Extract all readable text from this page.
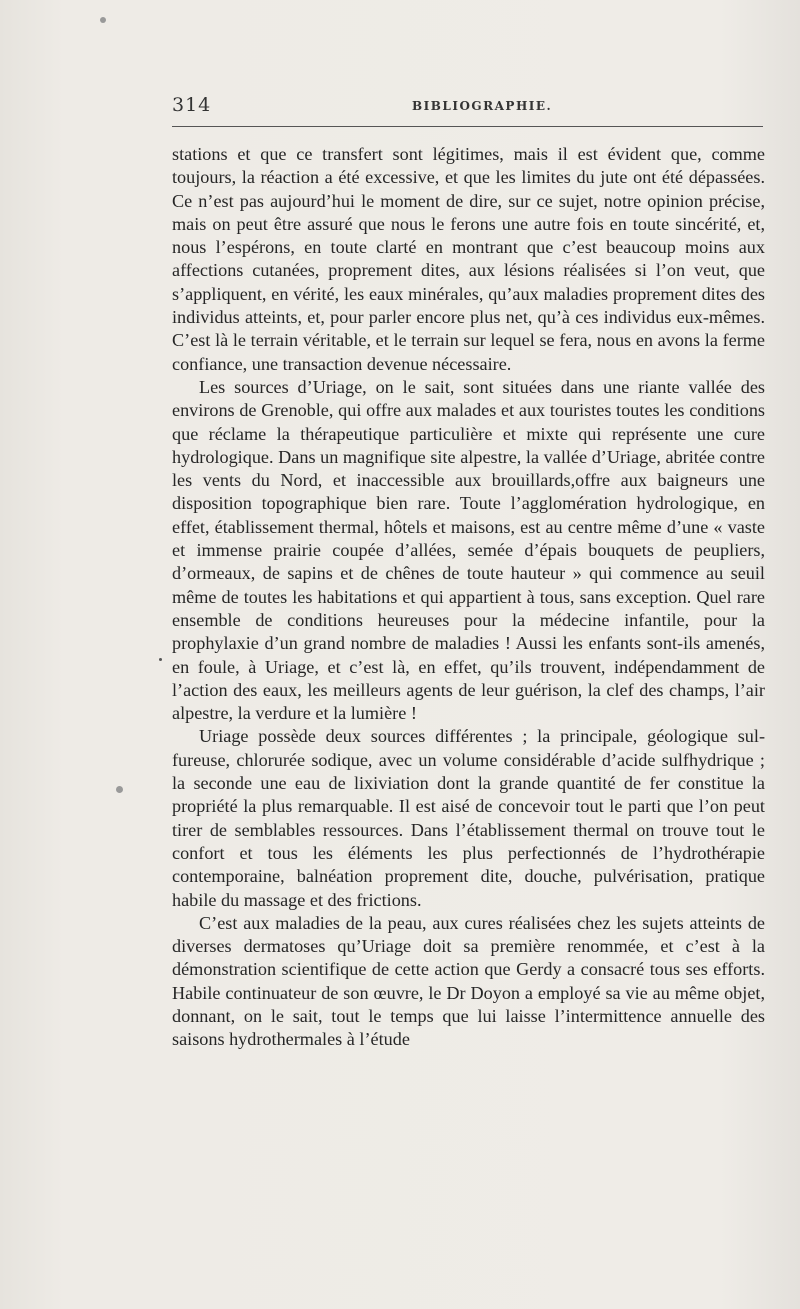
314	BIBLIOGRAPHIE.

stations et que ce transfert sont légitimes, mais il est évident que, comme toujours, la réaction a été excessive, et que les limites du jute ont été dépassées. Ce n’est pas aujourd’hui le moment de dire, sur ce sujet, notre opinion précise, mais on peut être assuré que nous le ferons une autre fois en toute sincérité, et, nous l’espérons, en toute clarté en montrant que c’est beaucoup moins aux affections cutanées, proprement dites, aux lésions réalisées si l’on veut, que s’appliquent, en vérité, les eaux minérales, qu’aux maladies proprement dites des individus atteints, et, pour parler encore plus net, qu’à ces individus eux-mêmes. C’est là le terrain véritable, et le terrain sur lequel se fera, nous en avons la ferme confiance, une transaction devenue nécessaire.

Les sources d’Uriage, on le sait, sont situées dans une riante vallée des environs de Grenoble, qui offre aux malades et aux touristes toutes les conditions que réclame la thérapeutique particulière et mixte qui représente une cure hydrologique. Dans un magnifique site alpestre, la vallée d’Uriage, abritée contre les vents du Nord, et inaccessible aux brouillards,offre aux baigneurs une disposition topographique bien rare. Toute l’agglomération hydrologique, en effet, établissement thermal, hôtels et maisons, est au centre même d’une « vaste et immense prairie coupée d’allées, semée d’épais bouquets de peupliers, d’ormeaux, de sapins et de chênes de toute hauteur » qui commence au seuil même de toutes les habitations et qui appartient à tous, sans exception. Quel rare ensemble de conditions heureuses pour la médecine infantile, pour la prophylaxie d’un grand nombre de maladies ! Aussi les enfants sont-ils amenés, en foule, à Uriage, et c’est là, en effet, qu’ils trouvent, indépendamment de l’action des eaux, les meilleurs agents de leur guérison, la clef des champs, l’air alpestre, la verdure et la lumière !

Uriage possède deux sources différentes ; la principale, géologique sulfureuse, chlorurée sodique, avec un volume considérable d’acide sulfhydrique ; la seconde une eau de lixiviation dont la grande quantité de fer constitue la propriété la plus remarquable. Il est aisé de concevoir tout le parti que l’on peut tirer de semblables ressources. Dans l’établissement thermal on trouve tout le confort et tous les éléments les plus perfectionnés de l’hydrothérapie contemporaine, balnéation proprement dite, douche, pulvérisation, pratique habile du massage et des frictions.

C’est aux maladies de la peau, aux cures réalisées chez les sujets atteints de diverses dermatoses qu’Uriage doit sa première renommée, et c’est à la démonstration scientifique de cette action que Gerdy a consacré tous ses efforts. Habile continuateur de son œuvre, le Dr Doyon a employé sa vie au même objet, donnant, on le sait, tout le temps que lui laisse l’intermittence annuelle des saisons hydrothermales à l’étude
